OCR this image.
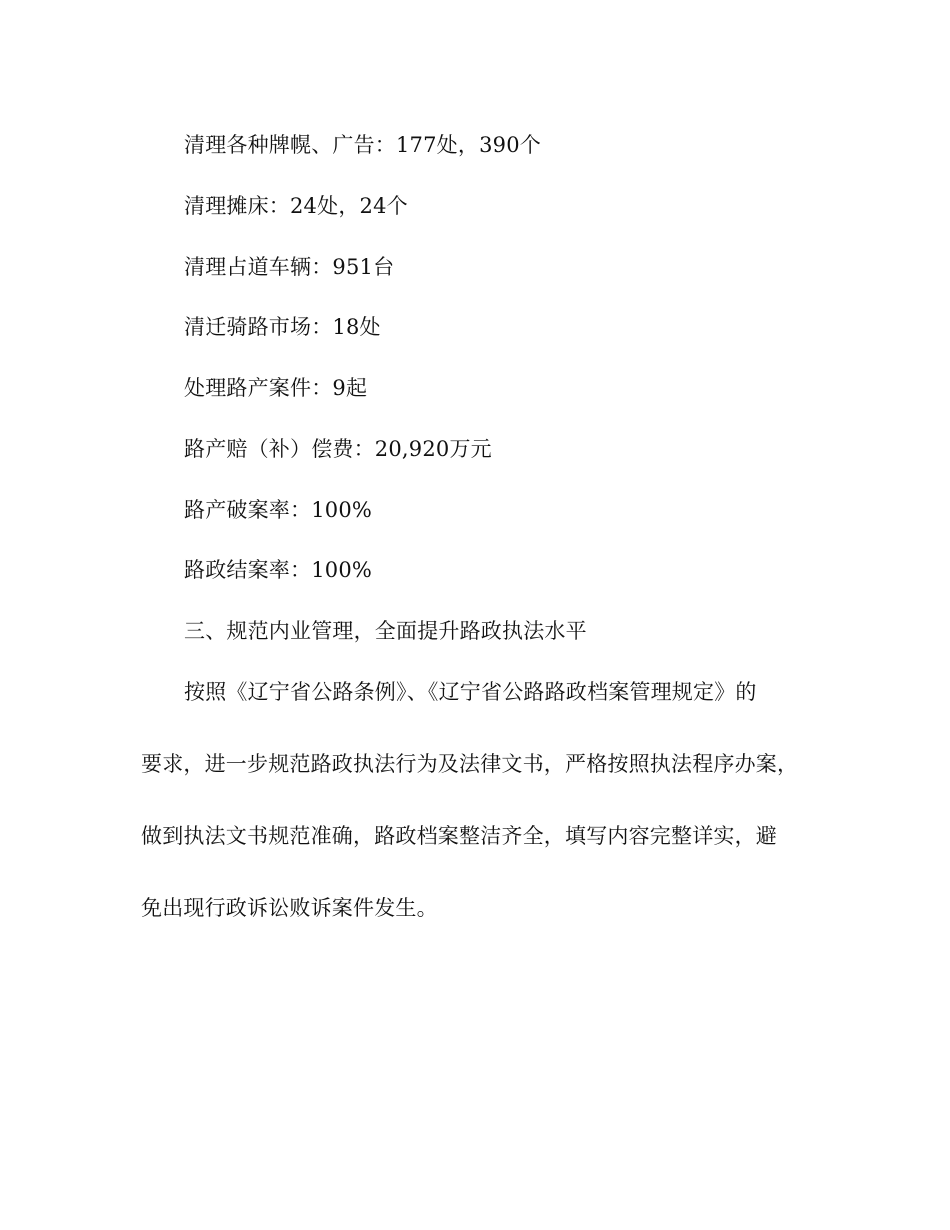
清理各种牌幌、广告：177处，390个
清理摊床：24处，24个
清理占道车辆：951台
清迁骑路市场：18处
处理路产案件：9起
路产赔（补）偿费：20,920万元
路产破案率：100%
路政结案率：100%
三、规范内业管理，全面提升路政执法水平
按照《辽宁省公路条例》、《辽宁省公路路政档案管理规定》的
要求，进一步规范路政执法行为及法律文书，严格按照执法程序办案，
做到执法文书规范准确，路政档案整洁齐全，填写内容完整详实，避
免出现行政诉讼败诉案件发生。
